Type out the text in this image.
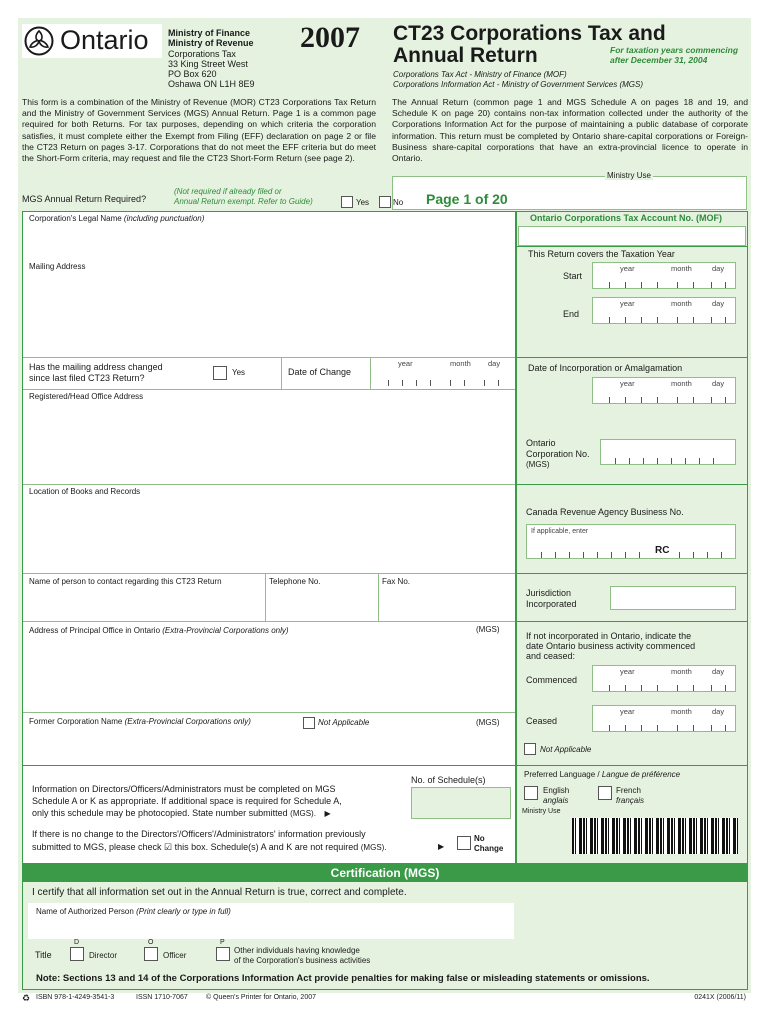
Ontario Ministry of Finance
Ministry of Revenue
Corporations Tax
33 King Street West
PO Box 620
Oshawa ON L1H 8E9
2007 CT23 Corporations Tax and
Annual Return	For taxation years commencing
after December 31, 2004
Corporations Tax Act - Ministry of Finance (MOF)
Corporations Information Act - Ministry of Government Services (MGS)
This form is a combination of the Ministry of Revenue (MOR) CT23 Corporations Tax Return and the Ministry of Government Services (MGS) Annual Return. Page 1 is a common page required for both Returns. For tax purposes, depending on which criteria the corporation satisfies, it must complete either the Exempt from Filing (EFF) declaration on page 2 or file the CT23 Return on pages 3-17. Corporations that do not meet the EFF criteria but do meet the Short-Form criteria, may request and file the CT23 Short-Form Return (see page 2).
The Annual Return (common page 1 and MGS Schedule A on pages 18 and 19, and Schedule K on page 20) contains non-tax information collected under the authority of the Corporations Information Act for the purpose of maintaining a public database of corporate information. This return must be completed by Ontario share-capital corporations or Foreign-Business share-capital corporations that have an extra-provincial licence to operate in Ontario.
Ministry Use
MGS Annual Return Required?
(Not required if already filed or
Annual Return exempt. Refer to Guide)	Yes	No Page 1 of 20
Corporation's Legal Name (including punctuation)
Mailing Address
Has the mailing address changed
since last filed CT23 Return?
Yes	Date of Change
year	month day
Registered/Head Office Address
Location of Books and Records
Name of person to contact regarding this CT23 Return	Telephone No.	Fax No.
Address of Principal Office in Ontario (Extra-Provincial Corporations only)	(MGS)
Former Corporation Name (Extra-Provincial Corporations only)	Not Applicable	(MGS)
Ontario Corporations Tax Account No. (MOF)
This Return covers the Taxation Year
Start
year	month	day
End
year	month	day
Date of Incorporation or Amalgamation
year	month	day
Ontario
Corporation No.
(MGS)
Canada Revenue Agency Business No.
If applicable, enter
RC
Jurisdiction
Incorporated
If not incorporated in Ontario, indicate the
date Ontario business activity commenced
and ceased:
Commenced
year	month	day
Ceased
year	month	day
Not Applicable
No. of Schedule(s)
Information on Directors/Officers/Administrators must be completed on MGS
Schedule A or K as appropriate. If additional space is required for Schedule A,
only this schedule may be photocopied. State number submitted (MGS). ▶
If there is no change to the Directors'/Officers'/Administrators' information previously
submitted to MGS, please check ☑ this box. Schedule(s) A and K are not required (MGS).	▶
No
Change
Preferred Language / Langue de préférence
English
anglais
French
français
Ministry Use
Certification (MGS)
I certify that all information set out in the Annual Return is true, correct and complete.
Name of Authorized Person (Print clearly or type in full)
Title
D
Director
O
Officer
P
Other individuals having knowledge
of the Corporation's business activities
Note: Sections 13 and 14 of the Corporations Information Act provide penalties for making false or misleading statements or omissions.
♻ ISBN 978-1-4249-3541-3	ISSN 1710-7067	© Queen's Printer for Ontario, 2007	0241X (2006/11)
